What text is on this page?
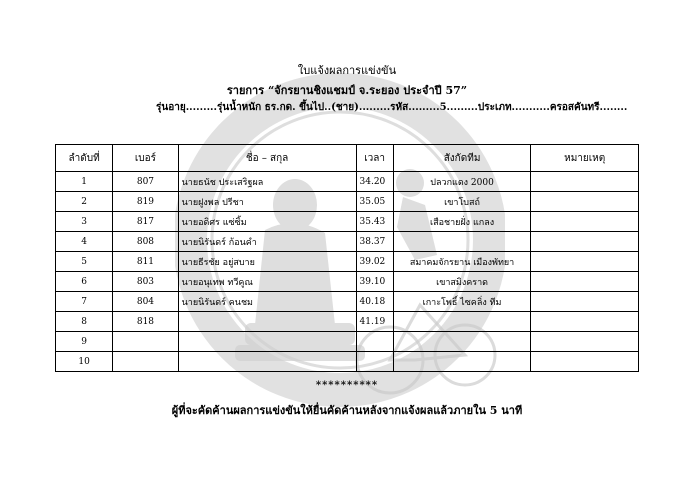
ใบแจ้งผลการแข่งขัน
รายการ “จักรยานชิงแชมป์ จ.ระยอง ประจำปี 57”
รุ่นอายุ.........รุ่นน้ำหนัก ธร.กด. ขึ้นไป..(ชาย).........รหัส.........5.........ประเภท...........ครอสคันทรี........
ลำดับที่	เบอร์	ชื่อ – สกุล	เวลา	สังกัดทีม	หมายเหตุ
1	807	นายธนัช ประเสริฐผล	34.20	ปลวกแดง 2000	
2	819	นายฝูงพล ปรีชา	35.05	เขาโบสถ์	
3	817	นายอดิศร แซ่ซิ้ม	35.43	เสือชายฝั่ง แกลง	
4	808	นายนิรันดร์ ก้อนคำ	38.37		
5	811	นายธีรชัย อยู่สบาย	39.02	สมาคมจักรยาน เมืองพัทยา	
6	803	นายอนุเทพ ทวีคูณ	39.10	เขาสมิงคราด	
7	804	นายนิรันดร์ คนชม	40.18	เกาะโพธิ์ ไซคลิ่ง ทีม	
8	818		41.19		
9					
10					
**********
ผู้ที่จะคัดค้านผลการแข่งขันให้ยื่นคัดค้านหลังจากแจ้งผลแล้วภายใน 5 นาที
